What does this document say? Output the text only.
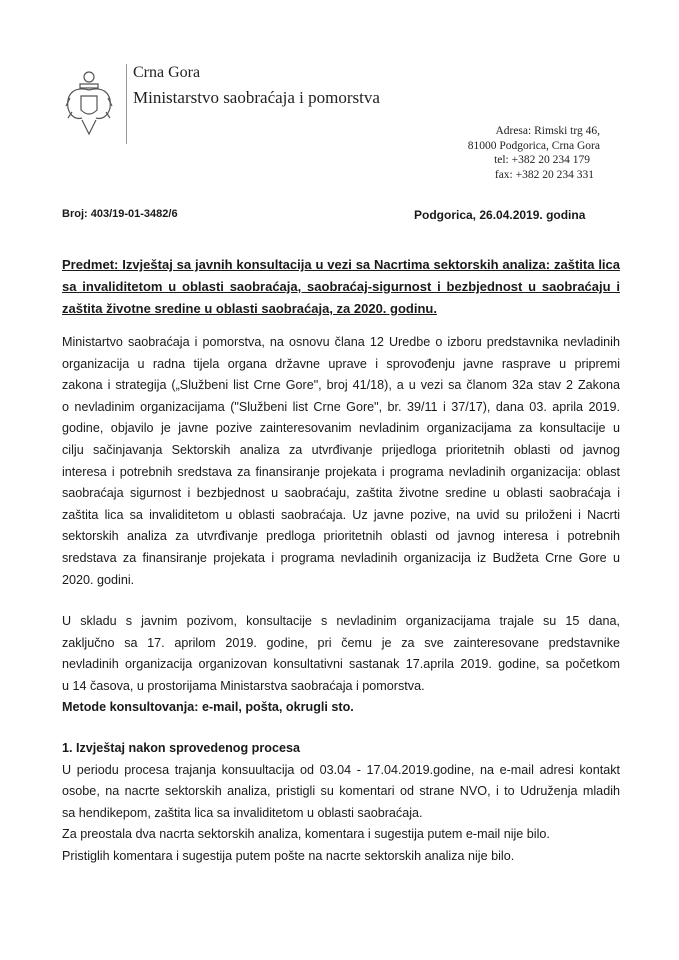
Crna Gora
Ministarstvo saobraćaja i pomorstva
Adresa: Rimski trg 46,
81000 Podgorica, Crna Gora
tel: +382 20 234 179
fax: +382 20 234 331
Broj: 403/19-01-3482/6	Podgorica, 26.04.2019. godina
Predmet: Izvještaj sa javnih konsultacija u vezi sa Nacrtima sektorskih analiza: zaštita lica
sa invaliditetom u oblasti saobraćaja, saobraćaj-sigurnost i bezbjednost u saobraćaju i
zaštita životne sredine u oblasti saobraćaja, za 2020. godinu.
Ministartvo saobraćaja i pomorstva, na osnovu člana 12 Uredbe o izboru predstavnika nevladinih
organizacija u radna tijela organa državne uprave i sprovođenju javne rasprave u pripremi
zakona i strategija („Službeni list Crne Gore", broj 41/18), a u vezi sa članom 32a stav 2 Zakona
o nevladinim organizacijama ("Službeni list Crne Gore", br. 39/11 i 37/17), dana 03. aprila 2019.
godine, objavilo je javne pozive zainteresovanim nevladinim organizacijama za konsultacije u
cilju sačinjavanja Sektorskih analiza za utvrđivanje prijedloga prioritetnih oblasti od javnog
interesa i potrebnih sredstava za finansiranje projekata i programa nevladinih organizacija: oblast
saobraćaja sigurnost i bezbjednost u saobraćaju, zaštita životne sredine u oblasti saobraćaja i
zaštita lica sa invaliditetom u oblasti saobraćaja. Uz javne pozive, na uvid su priloženi i Nacrti
sektorskih analiza za utvrđivanje predloga prioritetnih oblasti od javnog interesa i potrebnih
sredstava za finansiranje projekata i programa nevladinih organizacija iz Budžeta Crne Gore u
2020. godini.
U skladu s javnim pozivom, konsultacije s nevladinim organizacijama trajale su 15 dana,
zaključno sa 17. aprilom 2019. godine, pri čemu je za sve zainteresovane predstavnike
nevladinih organizacija organizovan konsultativni sastanak 17.aprila 2019. godine, sa početkom
u 14 časova, u prostorijama Ministarstva saobraćaja i pomorstva.
Metode konsultovanja: e-mail, pošta, okrugli sto.
1. Izvještaj nakon sprovedenog procesa
U periodu procesa trajanja konsuultacija od 03.04 - 17.04.2019.godine, na e-mail adresi kontakt
osobe, na nacrte sektorskih analiza, pristigli su komentari od strane NVO, i to Udruženja mladih
sa hendikepom, zaštita lica sa invaliditetom u oblasti saobraćaja.
Za preostala dva nacrta sektorskih analiza, komentara i sugestija putem e-mail nije bilo.
Pristiglih komentara i sugestija putem pošte na nacrte sektorskih analiza nije bilo.
